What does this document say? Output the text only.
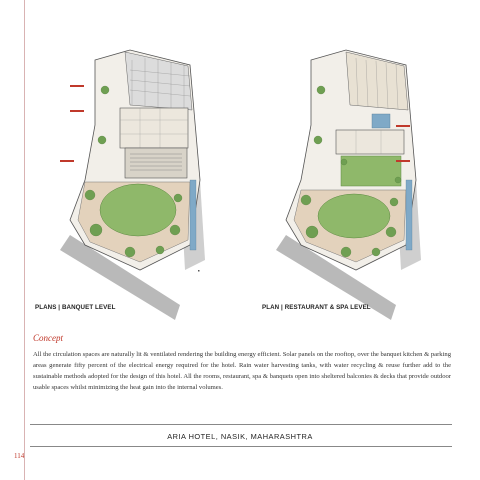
PLANS | BANQUET LEVEL	PLAN | RESTAURANT & SPA LEVEL
Concept
All the circulation spaces are naturally lit & ventilated rendering the building energy efficient. Solar panels on the rooftop, over the banquet kitchen & parking areas generate fifty percent of the electrical energy required for the hotel. Rain water harvesting tanks, with water recycling & reuse further add to the sustainable methods adopted for the design of this hotel. All the rooms, restaurant, spa & banquets open into sheltered balconies & decks that provide outdoor usable spaces whilst minimizing the heat gain into the internal volumes.
ARIA HOTEL, NASIK, MAHARASHTRA
114
